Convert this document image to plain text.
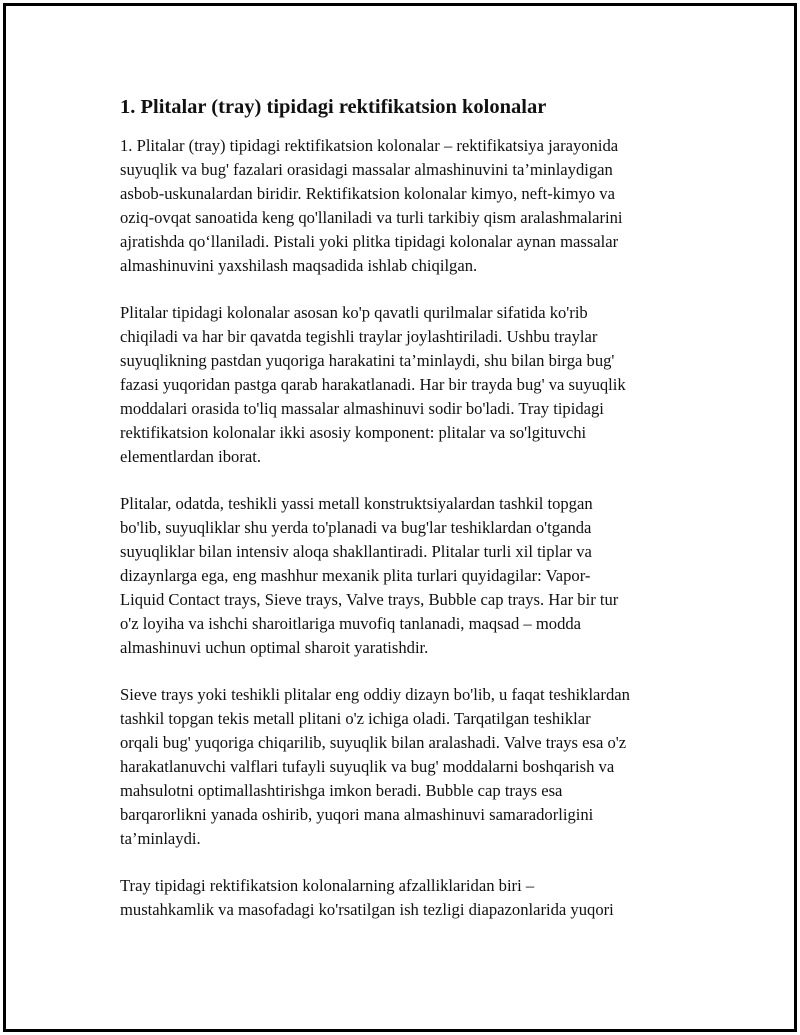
1. Plitalar (tray) tipidagi rektifikatsion kolonalar

1. Plitalar (tray) tipidagi rektifikatsion kolonalar – rektifikatsiya jarayonida
suyuqlik va bug' fazalari orasidagi massalar almashinuvini ta’minlaydigan
asbob-uskunalardan biridir. Rektifikatsion kolonalar kimyo, neft-kimyo va
oziq-ovqat sanoatida keng qo'llaniladi va turli tarkibiy qism aralashmalarini
ajratishda qo‘llaniladi. Pistali yoki plitka tipidagi kolonalar aynan massalar
almashinuvini yaxshilash maqsadida ishlab chiqilgan.

Plitalar tipidagi kolonalar asosan ko'p qavatli qurilmalar sifatida ko'rib
chiqiladi va har bir qavatda tegishli traylar joylashtiriladi. Ushbu traylar
suyuqlikning pastdan yuqoriga harakatini ta’minlaydi, shu bilan birga bug'
fazasi yuqoridan pastga qarab harakatlanadi. Har bir trayda bug' va suyuqlik
moddalari orasida to'liq massalar almashinuvi sodir bo'ladi. Tray tipidagi
rektifikatsion kolonalar ikki asosiy komponent: plitalar va so'lgituvchi
elementlardan iborat.

Plitalar, odatda, teshikli yassi metall konstruktsiyalardan tashkil topgan
bo'lib, suyuqliklar shu yerda to'planadi va bug'lar teshiklardan o'tganda
suyuqliklar bilan intensiv aloqa shakllantiradi. Plitalar turli xil tiplar va
dizaynlarga ega, eng mashhur mexanik plita turlari quyidagilar: Vapor-
Liquid Contact trays, Sieve trays, Valve trays, Bubble cap trays. Har bir tur
o'z loyiha va ishchi sharoitlariga muvofiq tanlanadi, maqsad – modda
almashinuvi uchun optimal sharoit yaratishdir.

Sieve trays yoki teshikli plitalar eng oddiy dizayn bo'lib, u faqat teshiklardan
tashkil topgan tekis metall plitani o'z ichiga oladi. Tarqatilgan teshiklar
orqali bug' yuqoriga chiqarilib, suyuqlik bilan aralashadi. Valve trays esa o'z
harakatlanuvchi valflari tufayli suyuqlik va bug' moddalarni boshqarish va
mahsulotni optimallashtirishga imkon beradi. Bubble cap trays esa
barqarorlikni yanada oshirib, yuqori mana almashinuvi samaradorligini
ta’minlaydi.

Tray tipidagi rektifikatsion kolonalarning afzalliklaridan biri –
mustahkamlik va masofadagi ko'rsatilgan ish tezligi diapazonlarida yuqori
